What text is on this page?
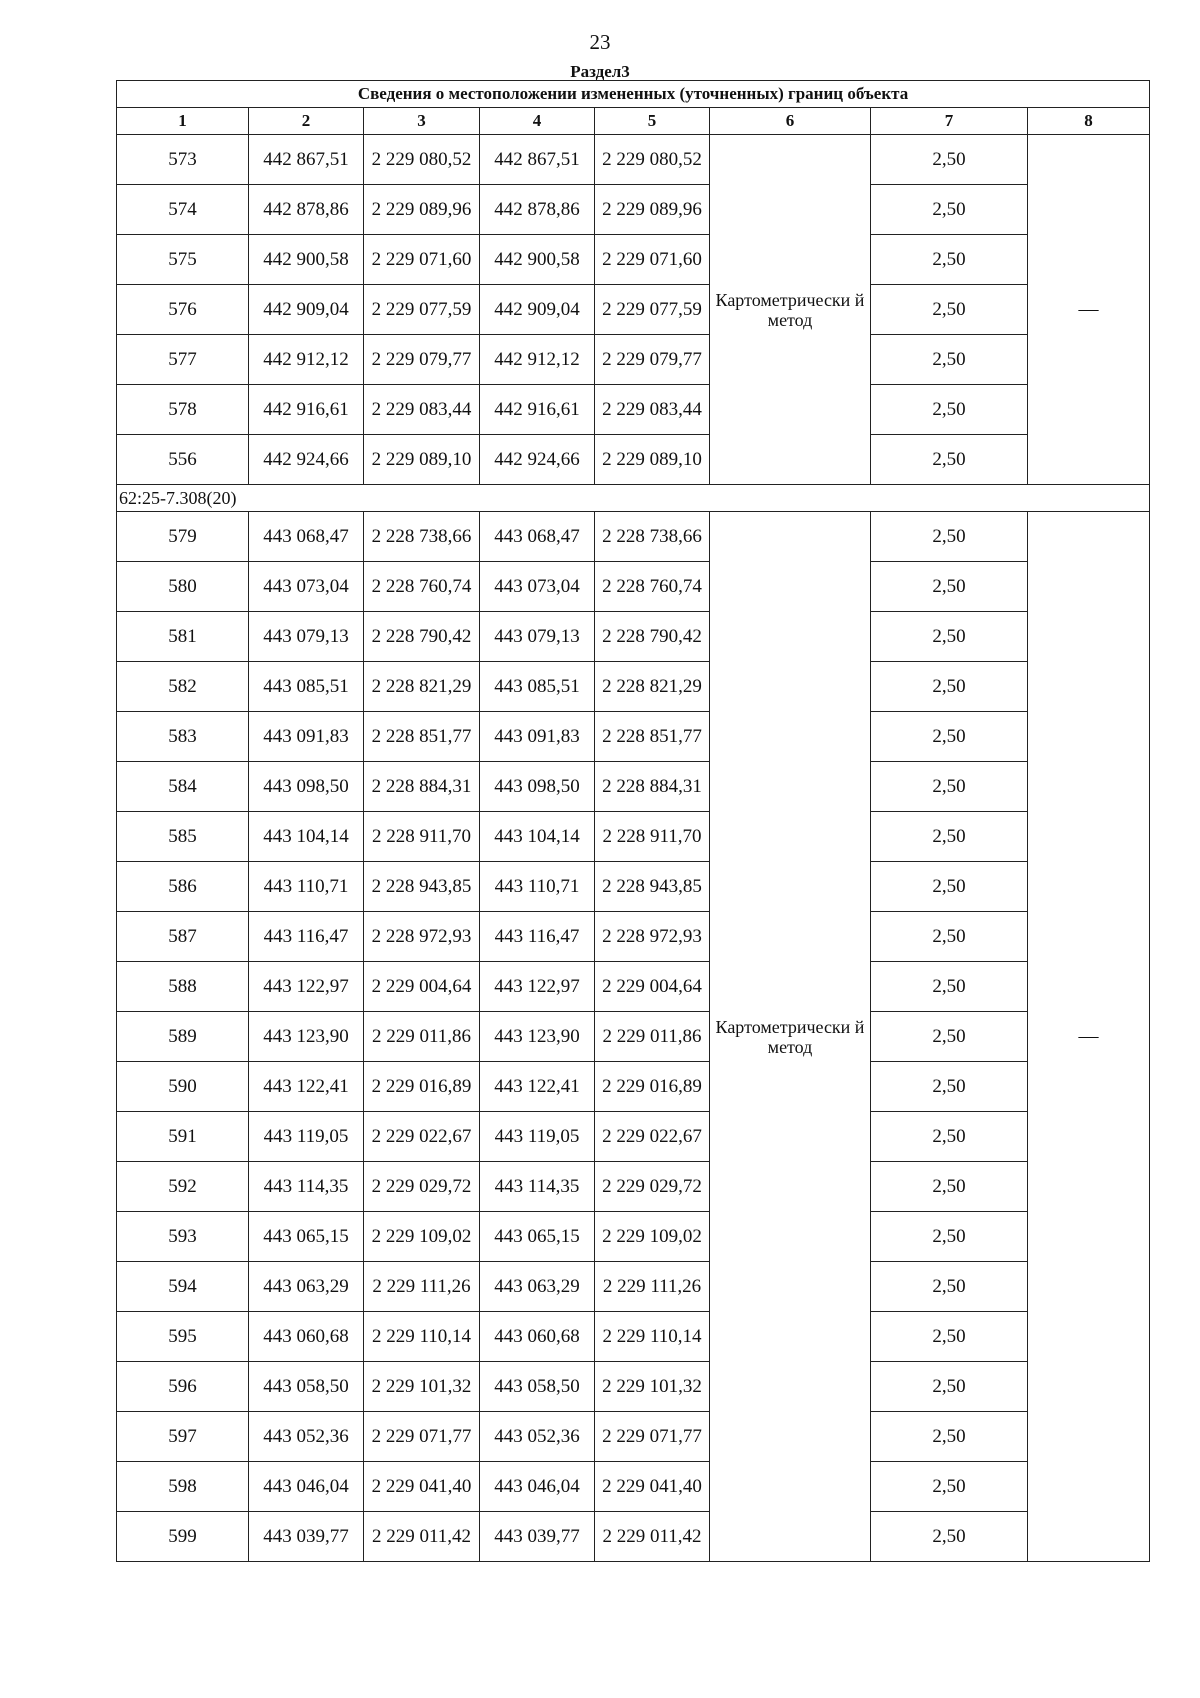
23
Раздел3
Сведения о местоположении измененных (уточненных) границ объекта							
1	2	3	4	5	6	7	8
573	442 867,51	2 229 080,52	442 867,51	2 229 080,52	Картометрически й метод	2,50	—
574	442 878,86	2 229 089,96	442 878,86	2 229 089,96		2,50	
575	442 900,58	2 229 071,60	442 900,58	2 229 071,60		2,50	
576	442 909,04	2 229 077,59	442 909,04	2 229 077,59		2,50	
577	442 912,12	2 229 079,77	442 912,12	2 229 079,77		2,50	
578	442 916,61	2 229 083,44	442 916,61	2 229 083,44		2,50	
556	442 924,66	2 229 089,10	442 924,66	2 229 089,10		2,50	
62:25-7.308(20)							
579	443 068,47	2 228 738,66	443 068,47	2 228 738,66	Картометрически й метод	2,50	—
580	443 073,04	2 228 760,74	443 073,04	2 228 760,74		2,50	
581	443 079,13	2 228 790,42	443 079,13	2 228 790,42		2,50	
582	443 085,51	2 228 821,29	443 085,51	2 228 821,29		2,50	
583	443 091,83	2 228 851,77	443 091,83	2 228 851,77		2,50	
584	443 098,50	2 228 884,31	443 098,50	2 228 884,31		2,50	
585	443 104,14	2 228 911,70	443 104,14	2 228 911,70		2,50	
586	443 110,71	2 228 943,85	443 110,71	2 228 943,85		2,50	
587	443 116,47	2 228 972,93	443 116,47	2 228 972,93		2,50	
588	443 122,97	2 229 004,64	443 122,97	2 229 004,64		2,50	
589	443 123,90	2 229 011,86	443 123,90	2 229 011,86		2,50	
590	443 122,41	2 229 016,89	443 122,41	2 229 016,89		2,50	
591	443 119,05	2 229 022,67	443 119,05	2 229 022,67		2,50	
592	443 114,35	2 229 029,72	443 114,35	2 229 029,72		2,50	
593	443 065,15	2 229 109,02	443 065,15	2 229 109,02		2,50	
594	443 063,29	2 229 111,26	443 063,29	2 229 111,26		2,50	
595	443 060,68	2 229 110,14	443 060,68	2 229 110,14		2,50	
596	443 058,50	2 229 101,32	443 058,50	2 229 101,32		2,50	
597	443 052,36	2 229 071,77	443 052,36	2 229 071,77		2,50	
598	443 046,04	2 229 041,40	443 046,04	2 229 041,40		2,50	
599	443 039,77	2 229 011,42	443 039,77	2 229 011,42		2,50	
